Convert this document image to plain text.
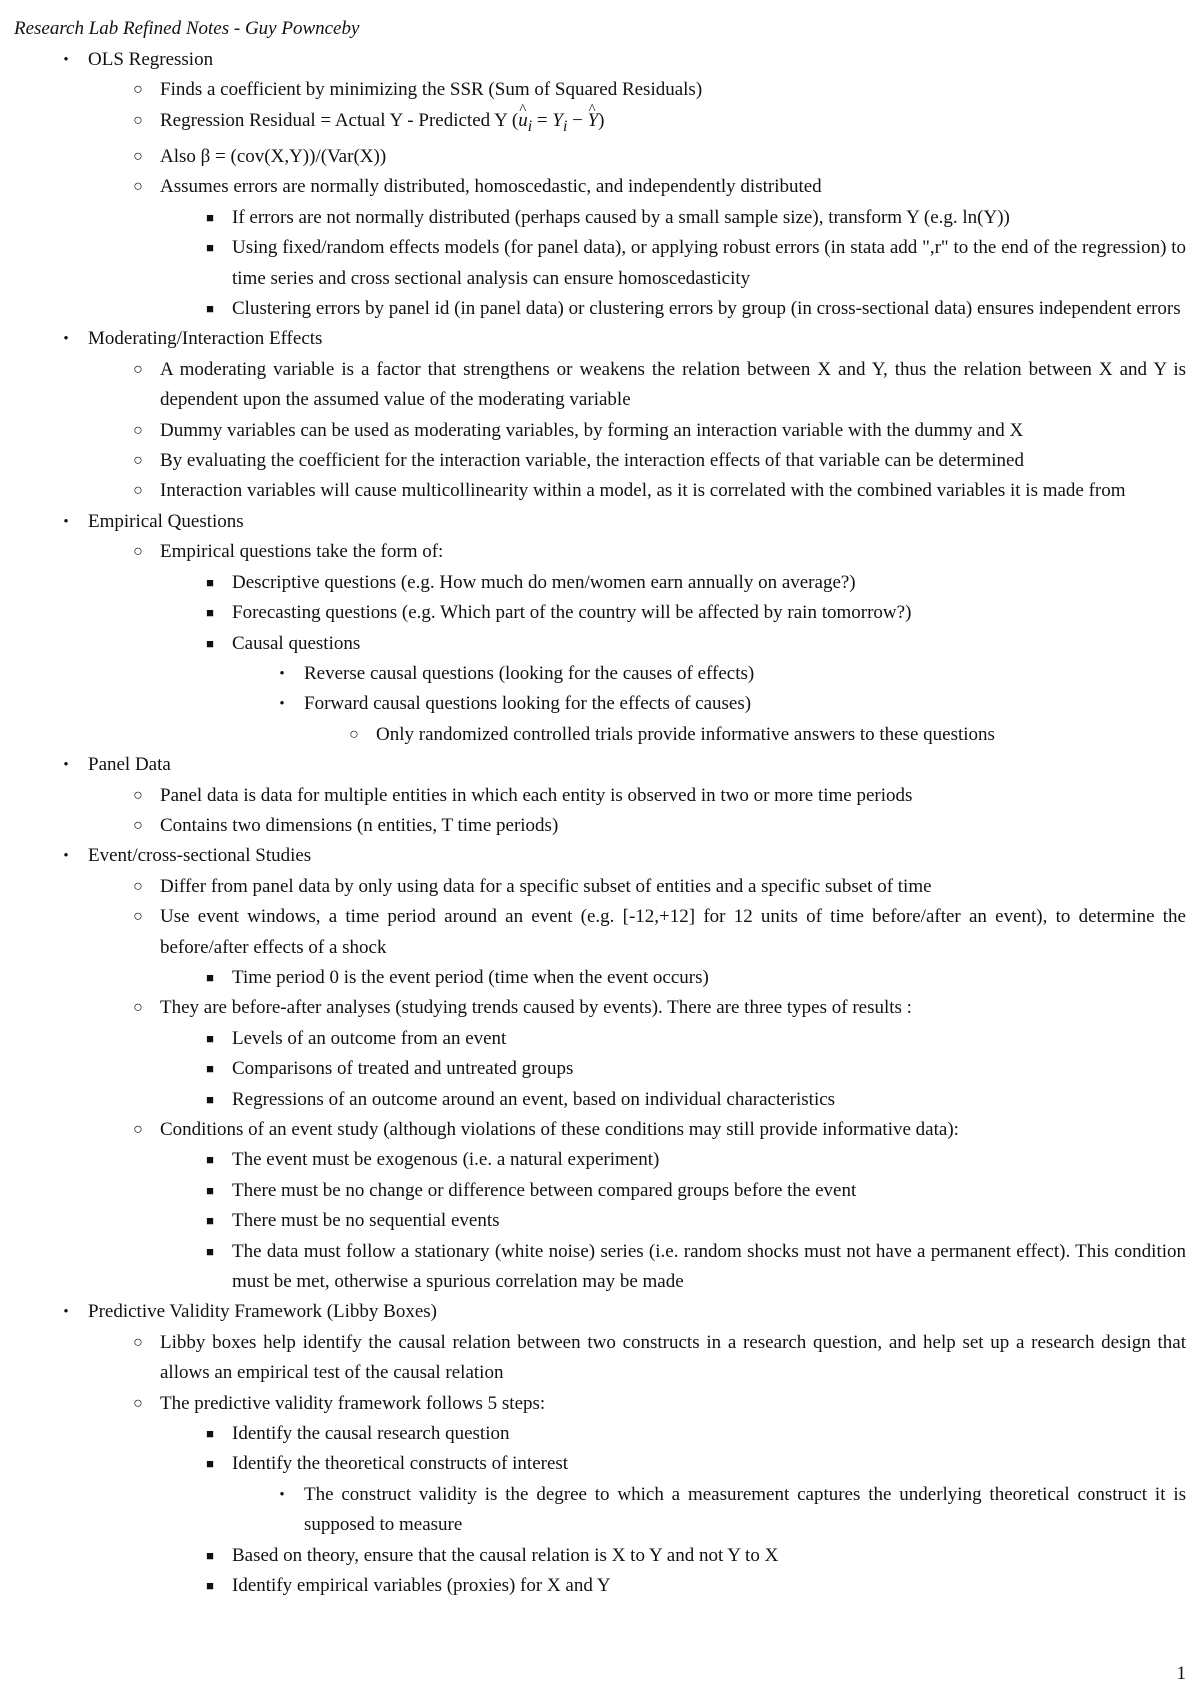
Research Lab Refined Notes - Guy Pownceby
• OLS Regression
○ Finds a coefficient by minimizing the SSR (Sum of Squared Residuals)
○ Regression Residual = Actual Y - Predicted Y (^ $u_i = Y_i$ − ^ Y)
○ Also β = (cov(X,Y))/(Var(X))
○ Assumes errors are normally distributed, homoscedastic, and independently distributed
■ If errors are not normally distributed (perhaps caused by a small sample size), transform Y (e.g. ln(Y))
■ Using fixed/random effects models (for panel data), or applying robust errors (in stata add ",r" to the end of the regression) to time series and cross sectional analysis can ensure homoscedasticity
■ Clustering errors by panel id (in panel data) or clustering errors by group (in cross-sectional data) ensures independent errors
• Moderating/Interaction Effects
○ A moderating variable is a factor that strengthens or weakens the relation between X and Y, thus the relation between X and Y is dependent upon the assumed value of the moderating variable
○ Dummy variables can be used as moderating variables, by forming an interaction variable with the dummy and X
○ By evaluating the coefficient for the interaction variable, the interaction effects of that variable can be determined
○ Interaction variables will cause multicollinearity within a model, as it is correlated with the combined variables it is made from
• Empirical Questions
○ Empirical questions take the form of:
■ Descriptive questions (e.g. How much do men/women earn annually on average?)
■ Forecasting questions (e.g. Which part of the country will be affected by rain tomorrow?)
■ Causal questions
• Reverse causal questions (looking for the causes of effects)
• Forward causal questions looking for the effects of causes)
○ Only randomized controlled trials provide informative answers to these questions
• Panel Data
○ Panel data is data for multiple entities in which each entity is observed in two or more time periods
○ Contains two dimensions (n entities, T time periods)
• Event/cross-sectional Studies
○ Differ from panel data by only using data for a specific subset of entities and a specific subset of time
○ Use event windows, a time period around an event (e.g. [-12,+12] for 12 units of time before/after an event), to determine the before/after effects of a shock
■ Time period 0 is the event period (time when the event occurs)
○ They are before-after analyses (studying trends caused by events). There are three types of results :
■ Levels of an outcome from an event
■ Comparisons of treated and untreated groups
■ Regressions of an outcome around an event, based on individual characteristics
○ Conditions of an event study (although violations of these conditions may still provide informative data):
■ The event must be exogenous (i.e. a natural experiment)
■ There must be no change or difference between compared groups before the event
■ There must be no sequential events
■ The data must follow a stationary (white noise) series (i.e. random shocks must not have a permanent effect). This condition must be met, otherwise a spurious correlation may be made
• Predictive Validity Framework (Libby Boxes)
○ Libby boxes help identify the causal relation between two constructs in a research question, and help set up a research design that allows an empirical test of the causal relation
○ The predictive validity framework follows 5 steps:
■ Identify the causal research question
■ Identify the theoretical constructs of interest
• The construct validity is the degree to which a measurement captures the underlying theoretical construct it is supposed to measure
■ Based on theory, ensure that the causal relation is X to Y and not Y to X
■ Identify empirical variables (proxies) for X and Y
1
